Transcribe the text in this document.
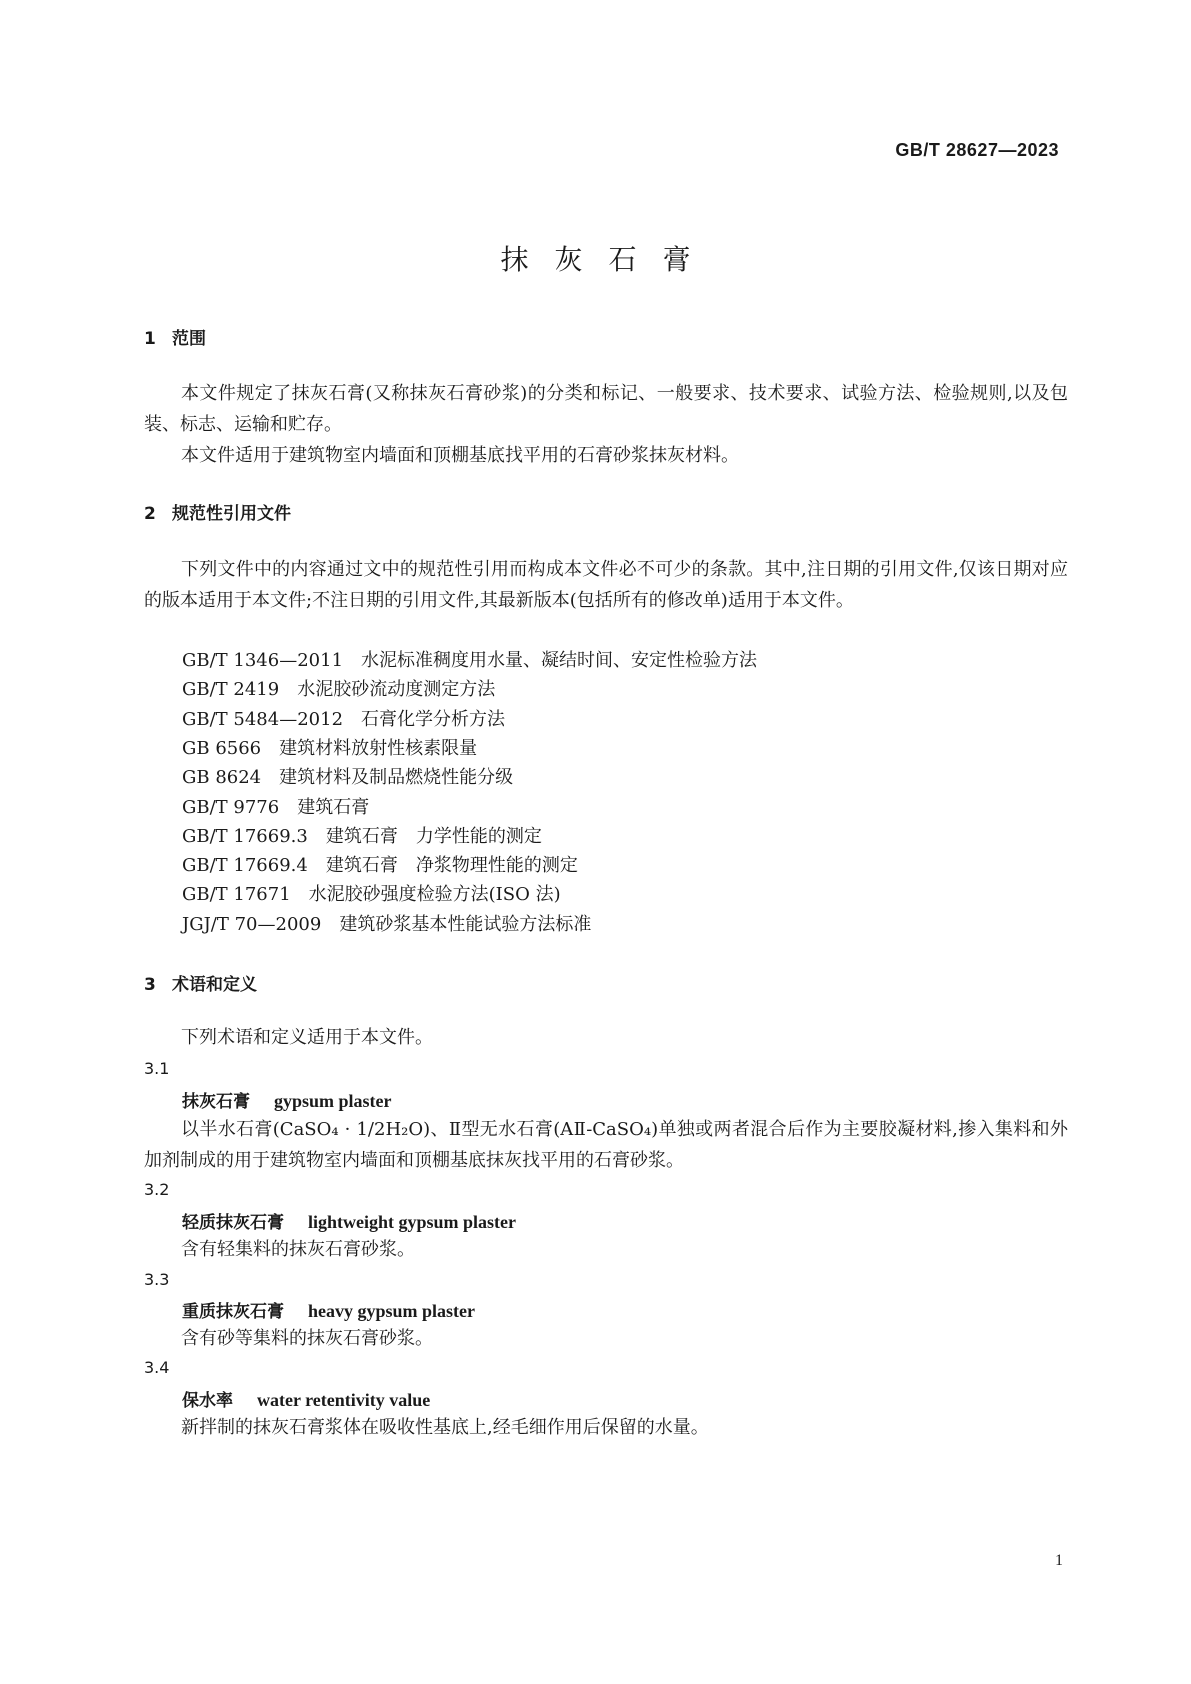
GB/T 28627—2023
抹灰石膏
1 范围
本文件规定了抹灰石膏(又称抹灰石膏砂浆)的分类和标记、一般要求、技术要求、试验方法、检验规则,以及包装、标志、运输和贮存。
本文件适用于建筑物室内墙面和顶棚基底找平用的石膏砂浆抹灰材料。
2 规范性引用文件
下列文件中的内容通过文中的规范性引用而构成本文件必不可少的条款。其中,注日期的引用文件,仅该日期对应的版本适用于本文件;不注日期的引用文件,其最新版本(包括所有的修改单)适用于本文件。
GB/T 1346—2011　水泥标准稠度用水量、凝结时间、安定性检验方法
GB/T 2419　水泥胶砂流动度测定方法
GB/T 5484—2012　石膏化学分析方法
GB 6566　建筑材料放射性核素限量
GB 8624　建筑材料及制品燃烧性能分级
GB/T 9776　建筑石膏
GB/T 17669.3　建筑石膏　力学性能的测定
GB/T 17669.4　建筑石膏　净浆物理性能的测定
GB/T 17671　水泥胶砂强度检验方法(ISO 法)
JGJ/T 70—2009　建筑砂浆基本性能试验方法标准
3 术语和定义
下列术语和定义适用于本文件。
3.1
抹灰石膏 gypsum plaster
以半水石膏(CaSO₄ · 1/2H₂O)、Ⅱ型无水石膏(AⅡ-CaSO₄)单独或两者混合后作为主要胶凝材料,掺入集料和外加剂制成的用于建筑物室内墙面和顶棚基底抹灰找平用的石膏砂浆。
3.2
轻质抹灰石膏 lightweight gypsum plaster
含有轻集料的抹灰石膏砂浆。
3.3
重质抹灰石膏 heavy gypsum plaster
含有砂等集料的抹灰石膏砂浆。
3.4
保水率 water retentivity value
新拌制的抹灰石膏浆体在吸收性基底上,经毛细作用后保留的水量。
1
